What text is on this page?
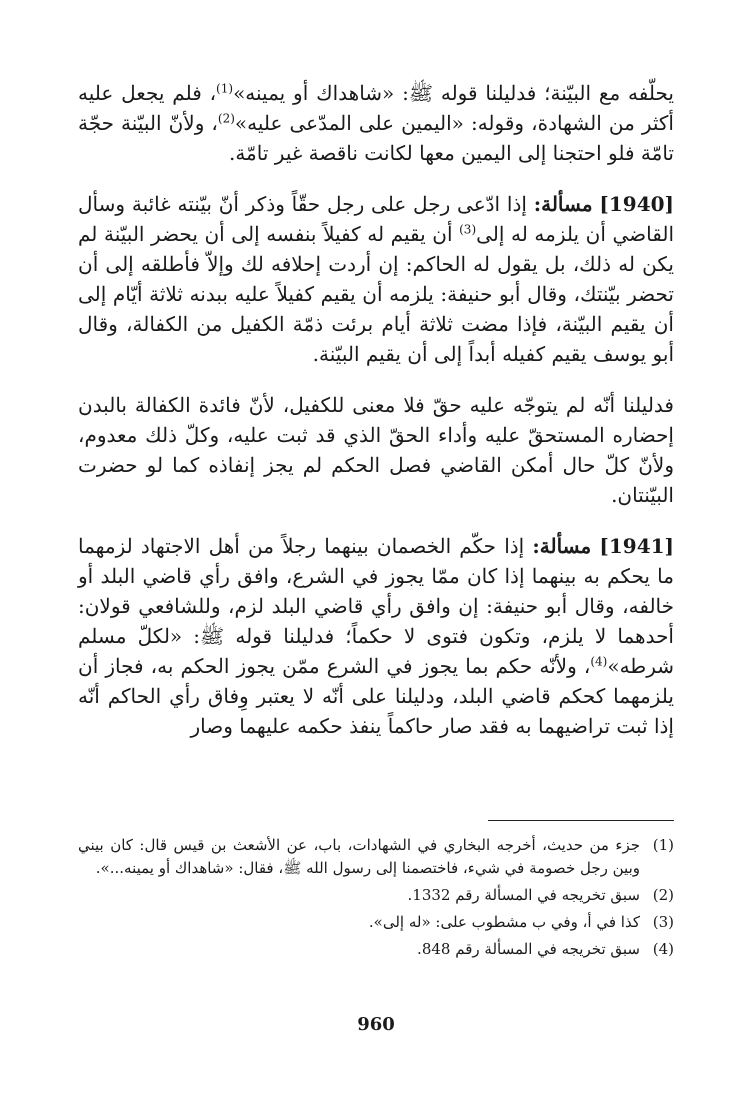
يحلّفه مع البيّنة؛ فدليلنا قوله ﷺ: «شاهداك أو يمينه»$^{(1)}$، فلم يجعل عليه أكثر من الشهادة، وقوله: «اليمين على المدّعى عليه»$^{(2)}$، ولأنّ البيّنة حجّة تامّة فلو احتجنا إلى اليمين معها لكانت ناقصة غير تامّة.

[1940] مسألة: إذا ادّعى رجل على رجل حقّاً وذكر أنّ بيّنته غائبة وسأل القاضي أن يلزمه له إلى$^{(3)}$ أن يقيم له كفيلاً بنفسه إلى أن يحضر البيّنة لم يكن له ذلك، بل يقول له الحاكم: إن أردت إحلافه لك وإلاّ فأطلقه إلى أن تحضر بيّنتك، وقال أبو حنيفة: يلزمه أن يقيم كفيلاً عليه ببدنه ثلاثة أيّام إلى أن يقيم البيّنة، فإذا مضت ثلاثة أيام برئت ذمّة الكفيل من الكفالة، وقال أبو يوسف يقيم كفيله أبداً إلى أن يقيم البيّنة.

فدليلنا أنّه لم يتوجّه عليه حقّ فلا معنى للكفيل، لأنّ فائدة الكفالة بالبدن إحضاره المستحقّ عليه وأداء الحقّ الذي قد ثبت عليه، وكلّ ذلك معدوم، ولأنّ كلّ حال أمكن القاضي فصل الحكم لم يجز إنفاذه كما لو حضرت البيّنتان.

[1941] مسألة: إذا حكّم الخصمان بينهما رجلاً من أهل الاجتهاد لزمهما ما يحكم به بينهما إذا كان ممّا يجوز في الشرع، وافق رأي قاضي البلد أو خالفه، وقال أبو حنيفة: إن وافق رأي قاضي البلد لزم، وللشافعي قولان: أحدهما لا يلزم، وتكون فتوى لا حكماً؛ فدليلنا قوله ﷺ: «لكلّ مسلم شرطه»$^{(4)}$، ولأنّه حكم بما يجوز في الشرع ممّن يجوز الحكم به، فجاز أن يلزمهما كحكم قاضي البلد، ودليلنا على أنّه لا يعتبر وِفاق رأي الحاكم أنّه إذا ثبت تراضيهما به فقد صار حاكماً ينفذ حكمه عليهما وصار

(1)
جزء من حديث، أخرجه البخاري في الشهادات، باب، عن الأشعث بن قيس قال: كان بيني وبين رجل خصومة في شيء، فاختصمنا إلى رسول الله ﷺ، فقال: «شاهداك أو يمينه...».
(2)
سبق تخريجه في المسألة رقم 1332.
(3)
كذا في أ، وفي ب مشطوب على: «له إلى».
(4)
سبق تخريجه في المسألة رقم 848.
960
